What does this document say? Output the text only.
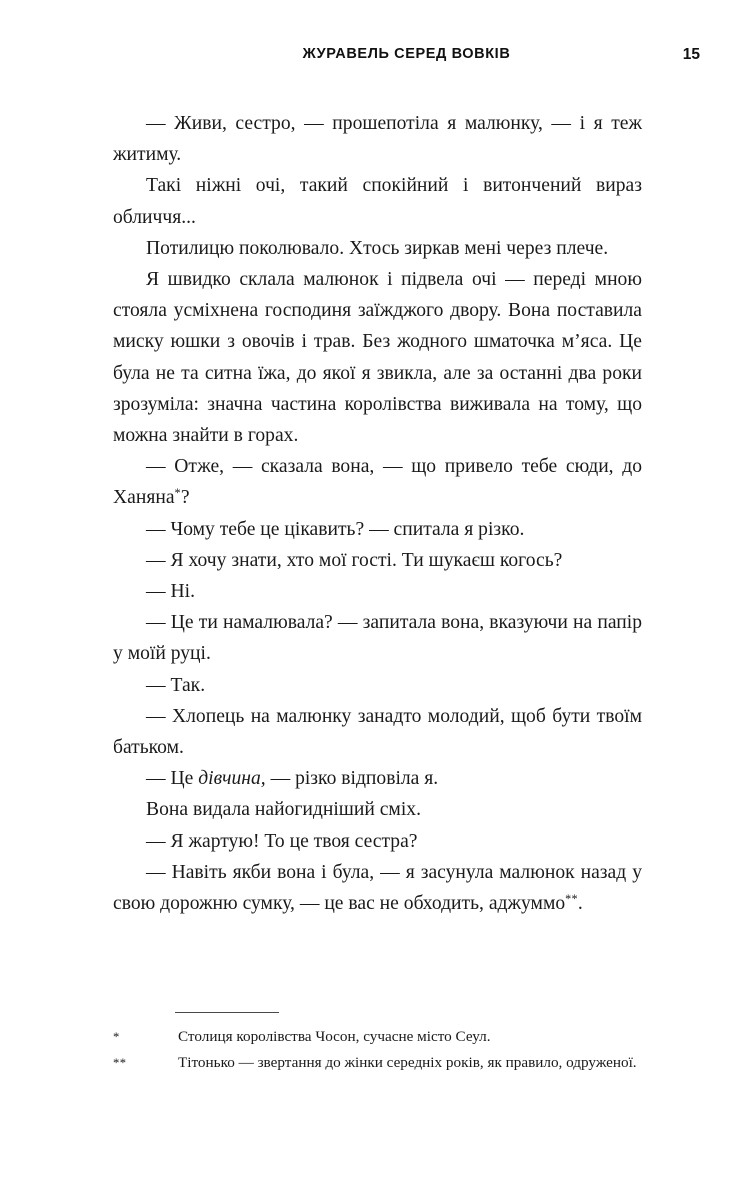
ЖУРАВЕЛЬ СЕРЕД ВОВКІВ	15

— Живи, сестро, — прошепотіла я малюнку, — і я теж житиму.

Такі ніжні очі, такий спокійний і витончений вираз обличчя...

Потилицю поколювало. Хтось зиркав мені через плече.

Я швидко склала малюнок і підвела очі — переді мною стояла усміхнена господиня заїжджого двору. Вона поставила миску юшки з овочів і трав. Без жодного шматочка м’яса. Це була не та ситна їжа, до якої я звикла, але за останні два роки зрозуміла: значна частина королівства виживала на тому, що можна знайти в горах.

— Отже, — сказала вона, — що привело тебе сюди, до Ханяна*?

— Чому тебе це цікавить? — спитала я різко.

— Я хочу знати, хто мої гості. Ти шукаєш когось?

— Ні.

— Це ти намалювала? — запитала вона, вказуючи на папір у моїй руці.

— Так.

— Хлопець на малюнку занадто молодий, щоб бути твоїм батьком.

— Це дівчина, — різко відповіла я.

Вона видала найогидніший сміх.

— Я жартую! То це твоя сестра?

— Навіть якби вона і була, — я засунула малюнок назад у свою дорожню сумку, — це вас не обходить, аджуммо**.

*	Столиця королівства Чосон, сучасне місто Сеул.
**	Тітонько — звертання до жінки середніх років, як правило, одруженої.
